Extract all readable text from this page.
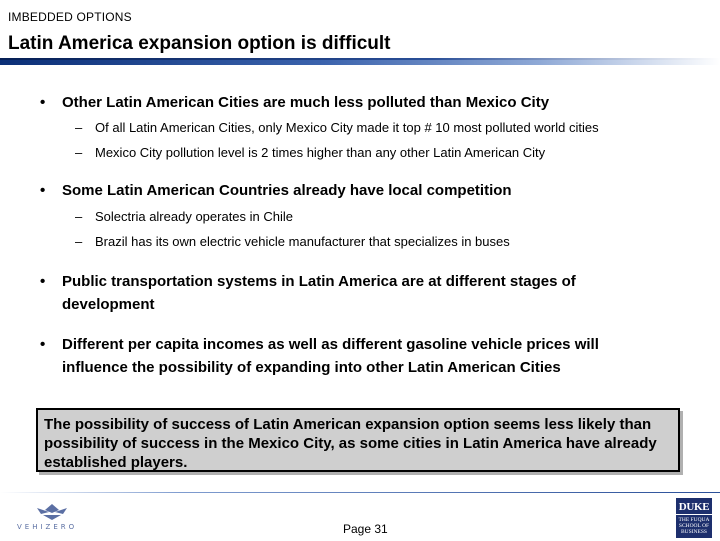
IMBEDDED OPTIONS
Latin America expansion option is difficult
•	Other Latin American Cities are much less polluted than Mexico City
– Of all Latin American Cities, only Mexico City made it top # 10 most polluted world cities
– Mexico City pollution level is 2 times higher than any other Latin American City
•	Some Latin American Countries already have local competition
– Solectria already operates in Chile
– Brazil has its own electric vehicle manufacturer that specializes in buses
•	Public transportation systems in Latin America are at different stages of development
•	Different per capita incomes as well as different gasoline vehicle prices will influence the possibility of expanding into other Latin American Cities
The possibility of success of Latin American expansion option seems less likely than possibility of success in the Mexico City, as some cities in Latin America have already established players.
VEHIZERO	Page 31
DUKE
THE FUQUA SCHOOL OF BUSINESS
